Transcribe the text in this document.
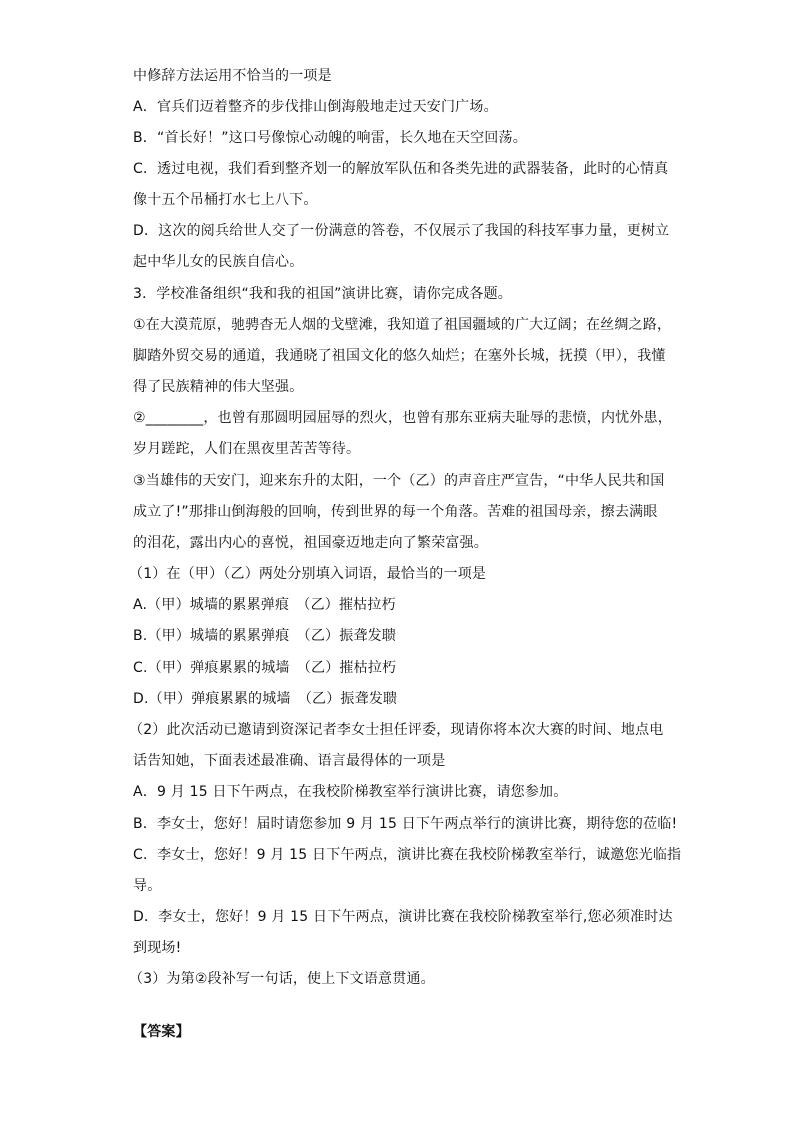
中修辞方法运用不恰当的一项是
A．官兵们迈着整齐的步伐排山倒海般地走过天安门广场。
B．“首长好！”这口号像惊心动魄的响雷，长久地在天空回荡。
C．透过电视，我们看到整齐划一的解放军队伍和各类先进的武器装备，此时的心情真
像十五个吊桶打水七上八下。
D．这次的阅兵给世人交了一份满意的答卷，不仅展示了我国的科技军事力量，更树立
起中华儿女的民族自信心。
3．学校准备组织“我和我的祖国”演讲比赛，请你完成各题。
①在大漠荒原，驰骋杳无人烟的戈壁滩，我知道了祖国疆域的广大辽阔；在丝绸之路，
脚踏外贸交易的通道，我通晓了祖国文化的悠久灿烂；在塞外长城，抚摸（甲），我懂
得了民族精神的伟大坚强。
②________，也曾有那圆明园屈辱的烈火，也曾有那东亚病夫耻辱的悲愤，内忧外患，
岁月蹉跎，人们在黑夜里苦苦等待。
③当雄伟的天安门，迎来东升的太阳，一个（乙）的声音庄严宣告，“中华人民共和国
成立了!”那排山倒海般的回响，传到世界的每一个角落。苦难的祖国母亲，擦去满眼
的泪花，露出内心的喜悦，祖国豪迈地走向了繁荣富强。
（1）在（甲）（乙）两处分别填入词语，最恰当的一项是
A.（甲）城墙的累累弹痕　（乙）摧枯拉朽
B.（甲）城墙的累累弹痕　（乙）振聋发聩
C.（甲）弹痕累累的城墙　（乙）摧枯拉朽
D.（甲）弹痕累累的城墙　（乙）振聋发聩
（2）此次活动已邀请到资深记者李女士担任评委，现请你将本次大赛的时间、地点电
话告知她，下面表述最准确、语言最得体的一项是
A．9 月 15 日下午两点，在我校阶梯教室举行演讲比赛，请您参加。
B．李女士，您好！届时请您参加 9 月 15 日下午两点举行的演讲比赛，期待您的莅临!
C．李女士，您好！9 月 15 日下午两点，演讲比赛在我校阶梯教室举行，诚邀您光临指
导。
D．李女士，您好！9 月 15 日下午两点，演讲比赛在我校阶梯教室举行,您必须准时达
到现场!
（3）为第②段补写一句话，使上下文语意贯通。
【答案】
